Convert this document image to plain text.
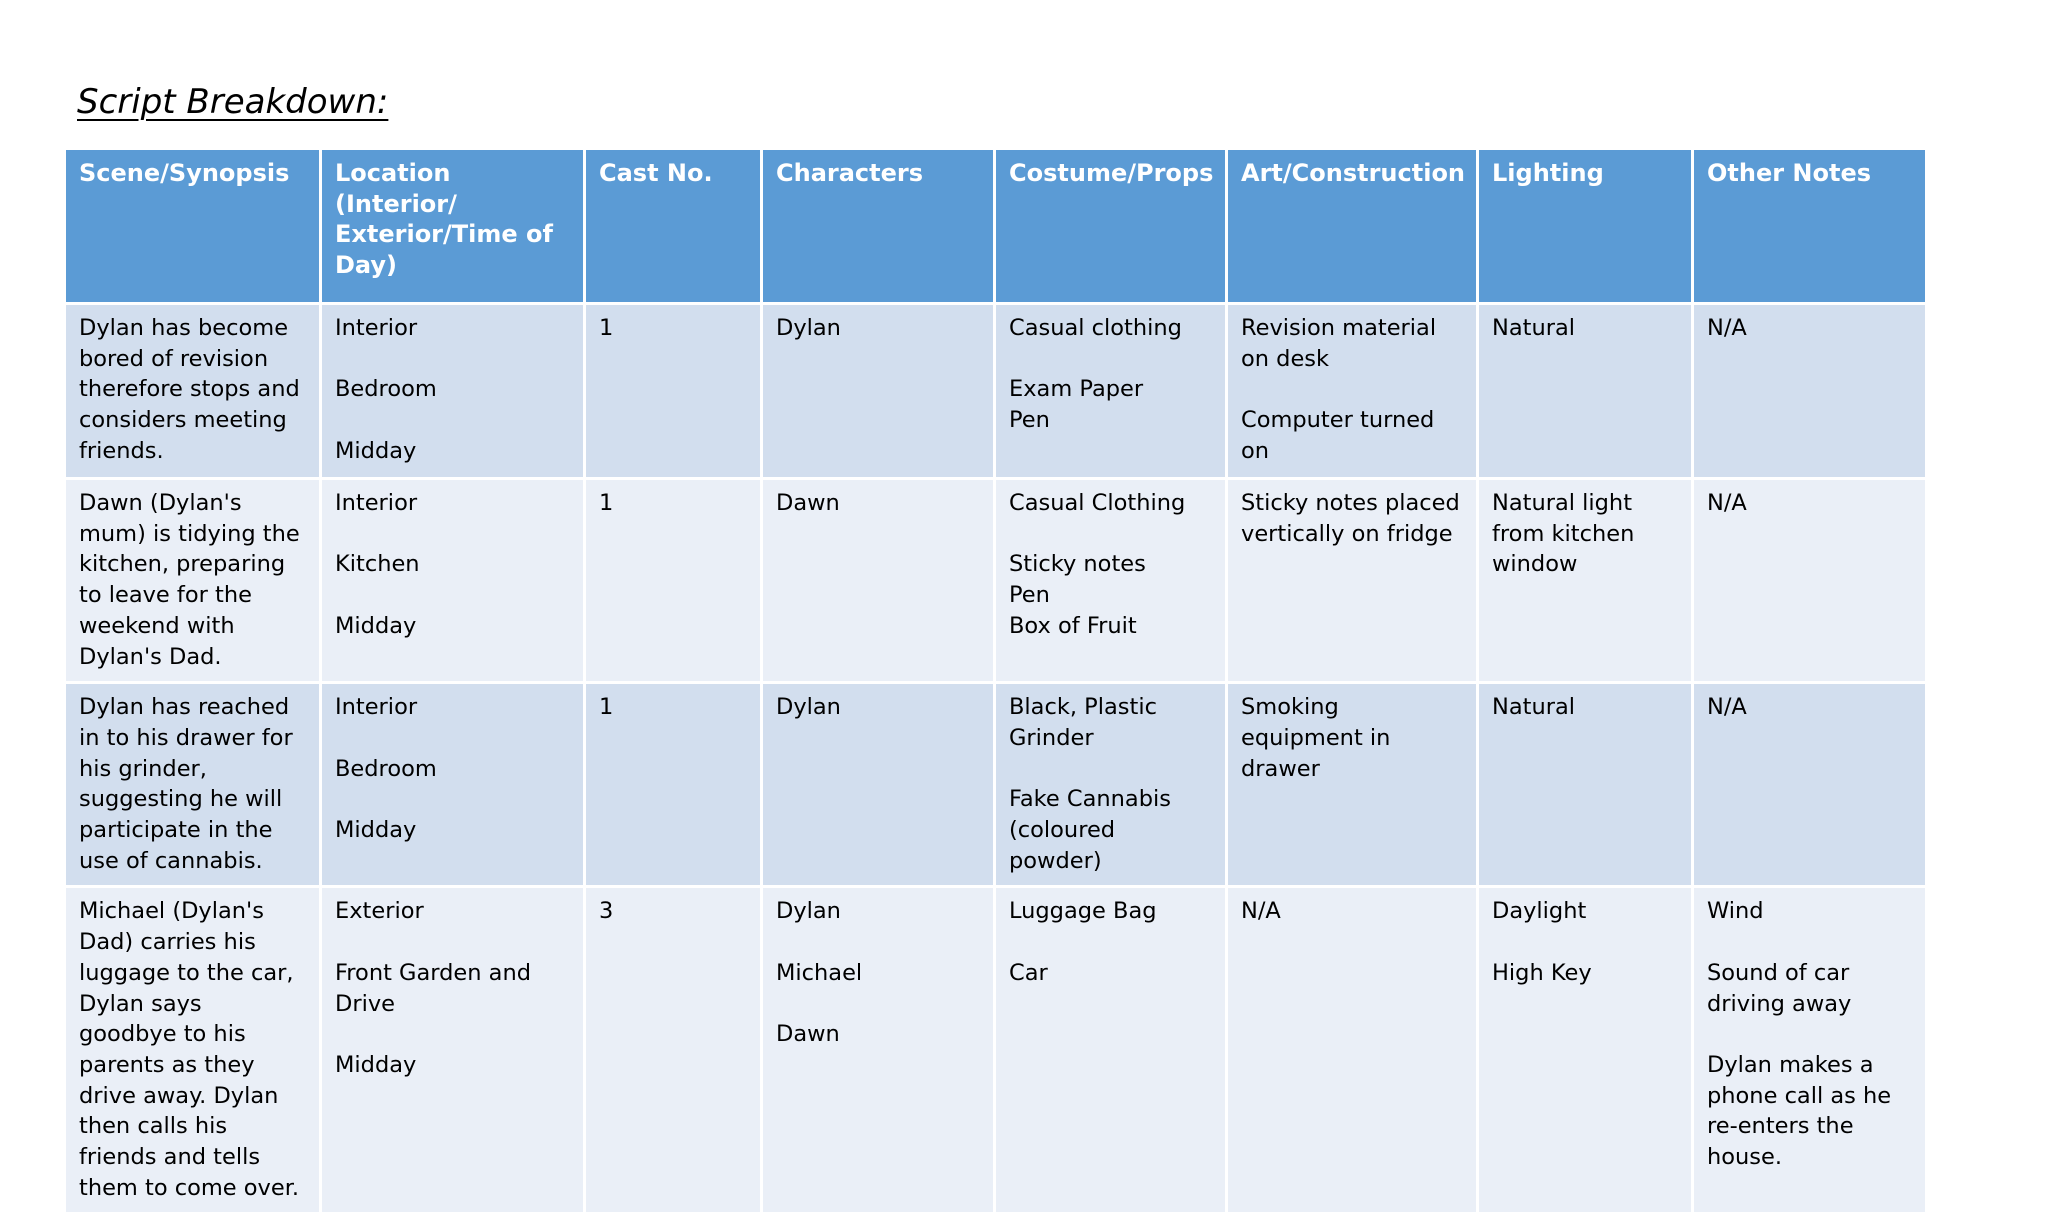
Script Breakdown:
Scene/Synopsis	Location (Interior/ Exterior/Time of Day)	Cast No.	Characters	Costume/Props	Art/Construction	Lighting	Other Notes
Dylan has become bored of revision therefore stops and considers meeting friends.	Interior

Bedroom

Midday	1	Dylan	Casual clothing

Exam Paper
Pen	Revision material on desk

Computer turned on	Natural	N/A
Dawn (Dylan's mum) is tidying the kitchen, preparing to leave for the weekend with Dylan's Dad.	Interior

Kitchen

Midday	1	Dawn	Casual Clothing

Sticky notes
Pen
Box of Fruit	Sticky notes placed vertically on fridge	Natural light from kitchen window	N/A
Dylan has reached in to his drawer for his grinder, suggesting he will participate in the use of cannabis.	Interior

Bedroom

Midday	1	Dylan	Black, Plastic Grinder

Fake Cannabis (coloured powder)	Smoking equipment in drawer	Natural	N/A
Michael (Dylan's Dad) carries his luggage to the car, Dylan says goodbye to his parents as they drive away. Dylan then calls his friends and tells them to come over.	Exterior

Front Garden and Drive

Midday	3	Dylan

Michael

Dawn	Luggage Bag

Car	N/A	Daylight

High Key	Wind

Sound of car driving away

Dylan makes a phone call as he re-enters the house.
